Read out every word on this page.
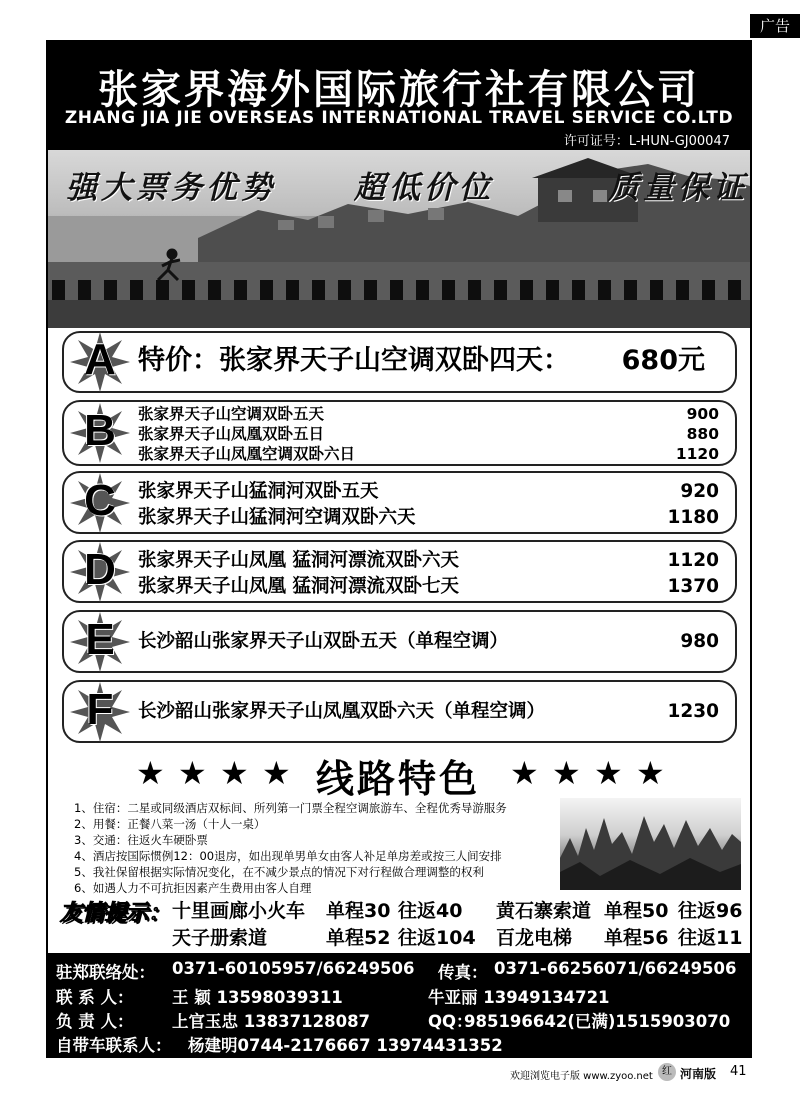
广告
张家界海外国际旅行社有限公司
ZHANG JIA JIE OVERSEAS INTERNATIONAL TRAVEL SERVICE CO.LTD
许可证号：L-HUN-GJ00047
强大票务优势	超低价位	质量保证
A 特价：张家界天子山空调双卧四天： 680元
B	张家界天子山空调双卧五天	900
张家界天子山凤凰双卧五日	880
张家界天子山凤凰空调双卧六日	1120
C	张家界天子山猛洞河双卧五天	920
张家界天子山猛洞河空调双卧六天	1180
D	张家界天子山凤凰 猛洞河漂流双卧六天	1120
张家界天子山凤凰 猛洞河漂流双卧七天	1370
E	长沙韶山张家界天子山双卧五天（单程空调）	980
F	长沙韶山张家界天子山凤凰双卧六天（单程空调）	1230
★ ★ ★ ★ 线路特色 ★ ★ ★ ★
1、住宿：二星或同级酒店双标间、所列第一门票全程空调旅游车、全程优秀导游服务
2、用餐：正餐八菜一汤（十人一桌）
3、交通：往返火车硬卧票
4、酒店按国际惯例12：00退房，如出现单男单女由客人补足单房差或按三人间安排
5、我社保留根据实际情况变化，在不减少景点的情况下对行程做合理调整的权利
6、如遇人力不可抗拒因素产生费用由客人自理
友情提示： 十里画廊小火车 单程30 往返40 黄石寨索道 单程50 往返96
天子册索道	单程52 往返104 百龙电梯 单程56 往返11
驻郑联络处： 0371-60105957/66249506 传真： 0371-66256071/66249506
联 系 人： 王 颖 13598039311	牛亚丽 13949134721
负 责 人： 上官玉忠 13837128087	QQ：
985196642(已满)1515903070
自带车联系人： 杨建明0744-2176667 13974431352
欢迎浏览电子版 www.zyoo.net 红 河南版 41
